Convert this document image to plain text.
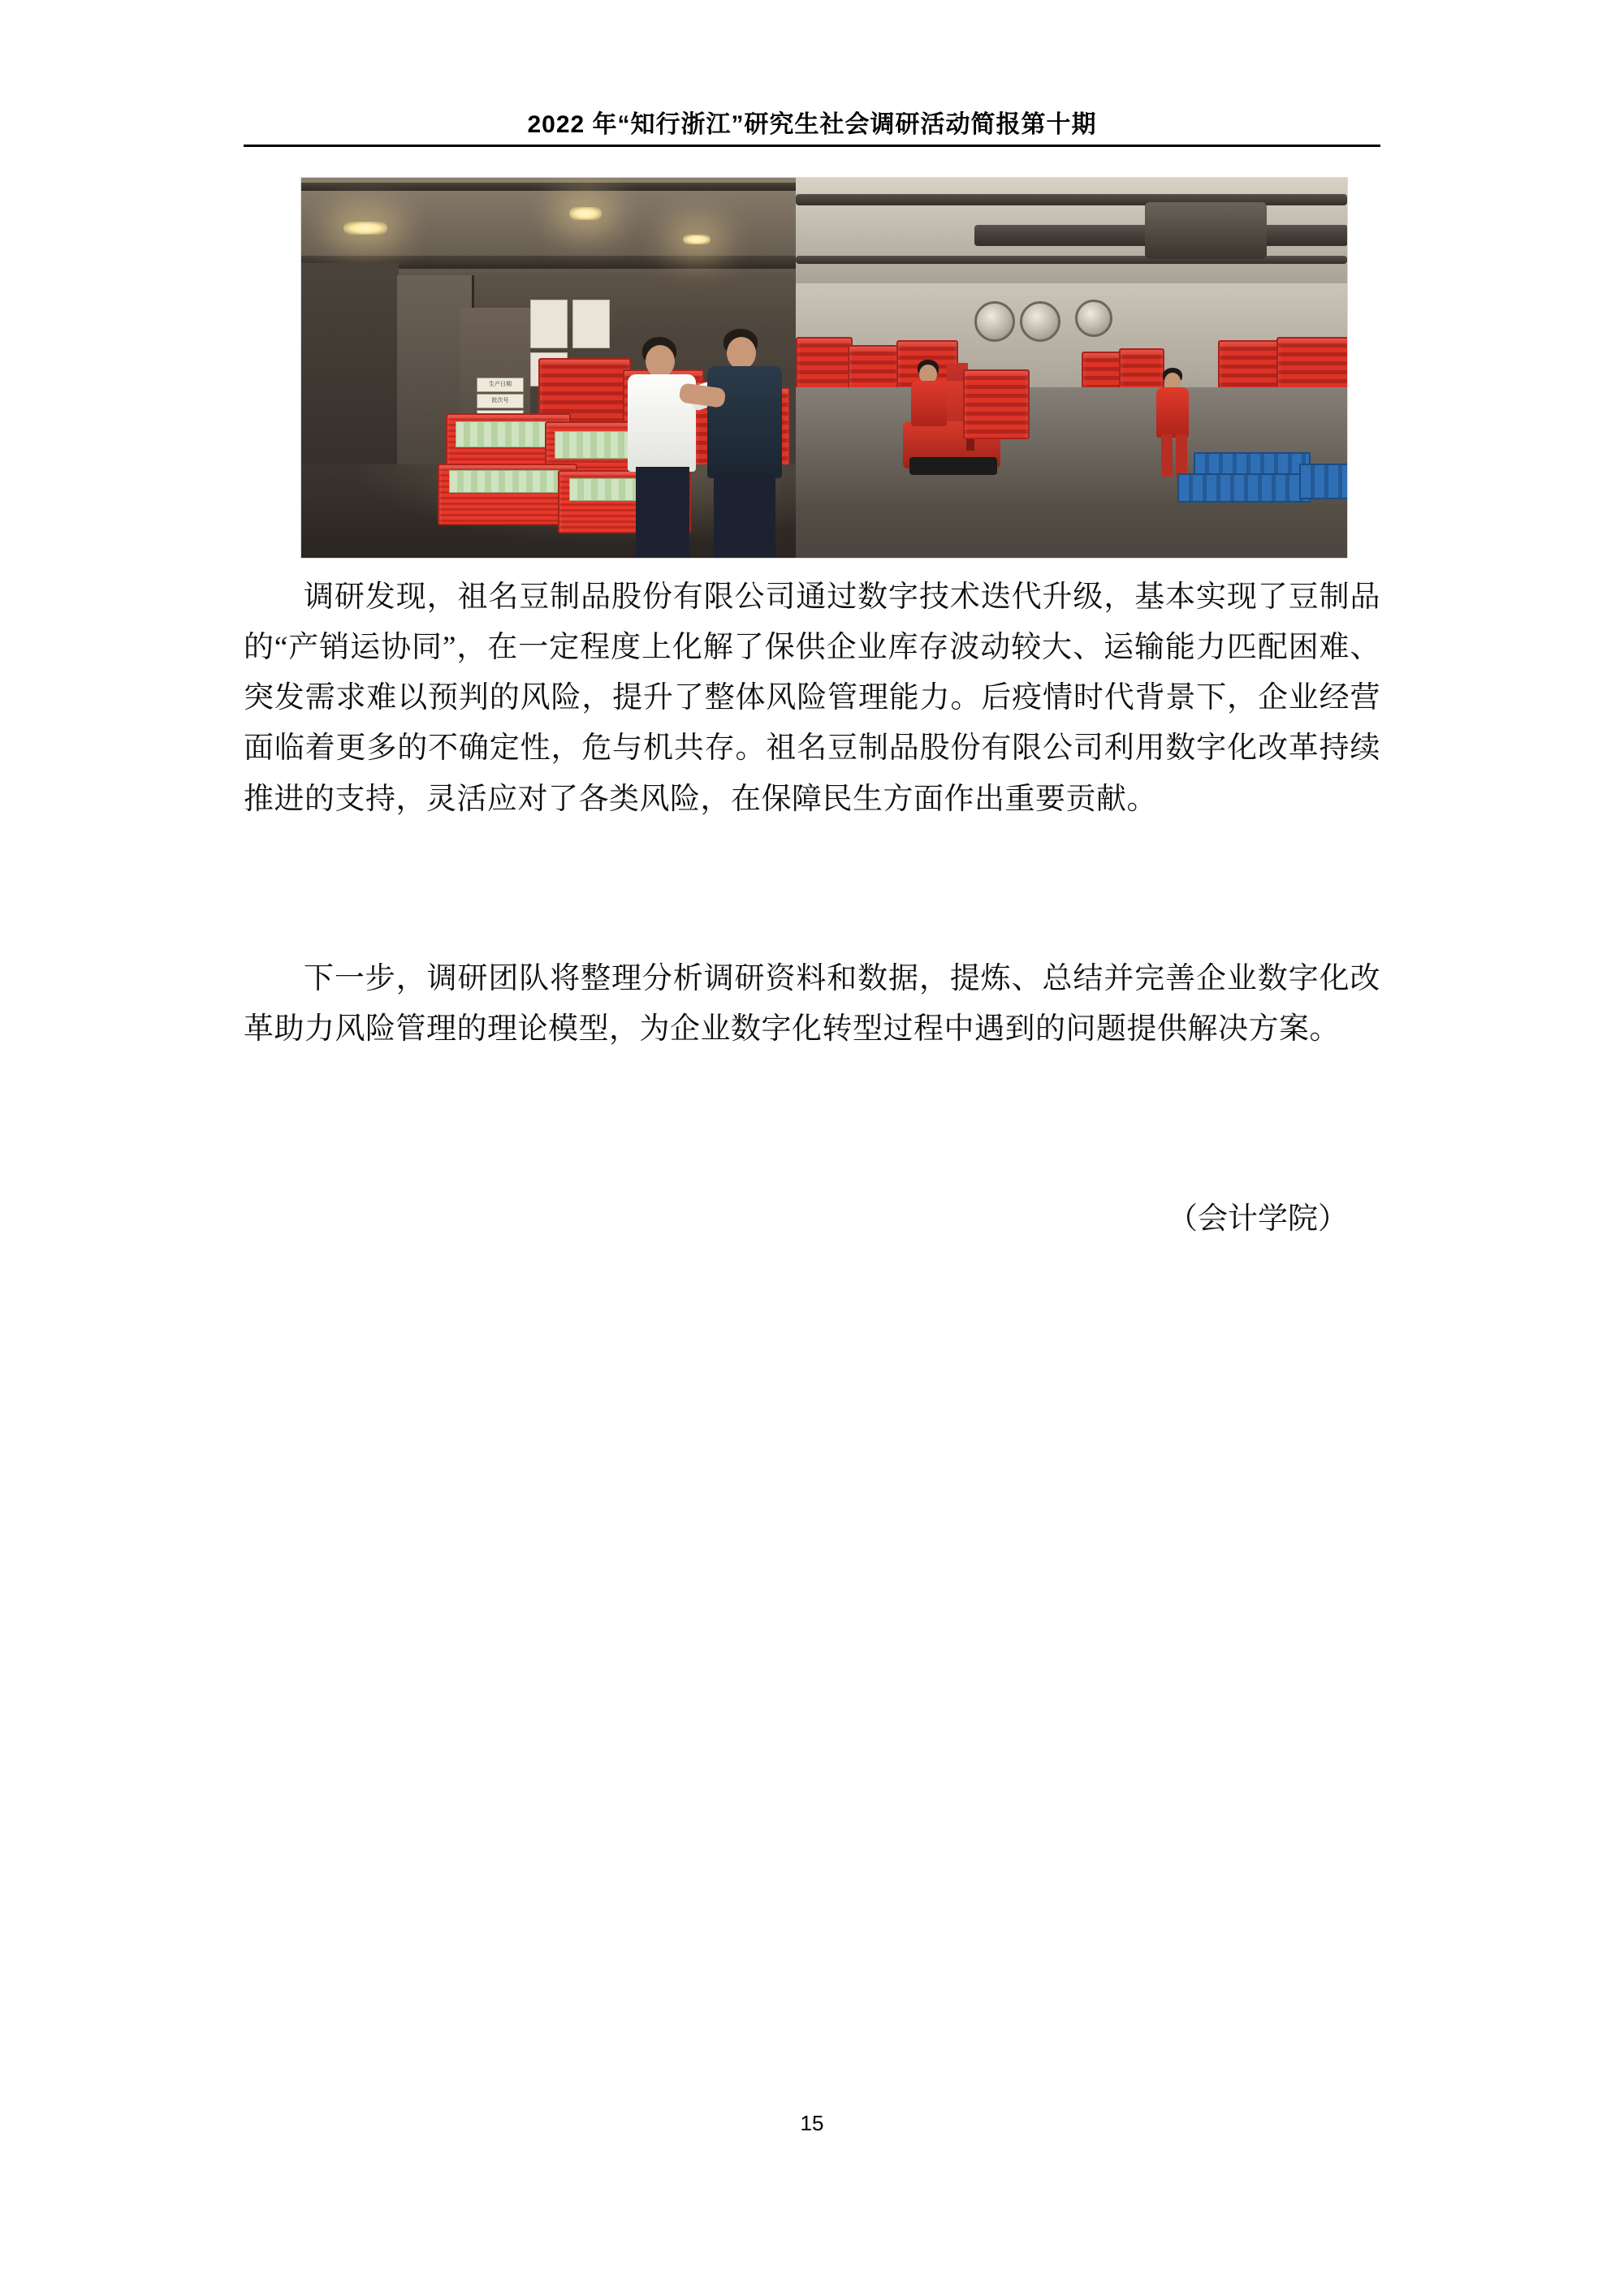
2022 年“知行浙江”研究生社会调研活动简报第十期
生产日期
批次号
调研发现，祖名豆制品股份有限公司通过数字技术迭代升级，基本实现了豆制品的“产销运协同”，在一定程度上化解了保供企业库存波动较大、运输能力匹配困难、突发需求难以预判的风险，提升了整体风险管理能力。后疫情时代背景下，企业经营面临着更多的不确定性，危与机共存。祖名豆制品股份有限公司利用数字化改革持续推进的支持，灵活应对了各类风险，在保障民生方面作出重要贡献。
下一步，调研团队将整理分析调研资料和数据，提炼、总结并完善企业数字化改革助力风险管理的理论模型，为企业数字化转型过程中遇到的问题提供解决方案。
（会计学院）
15
